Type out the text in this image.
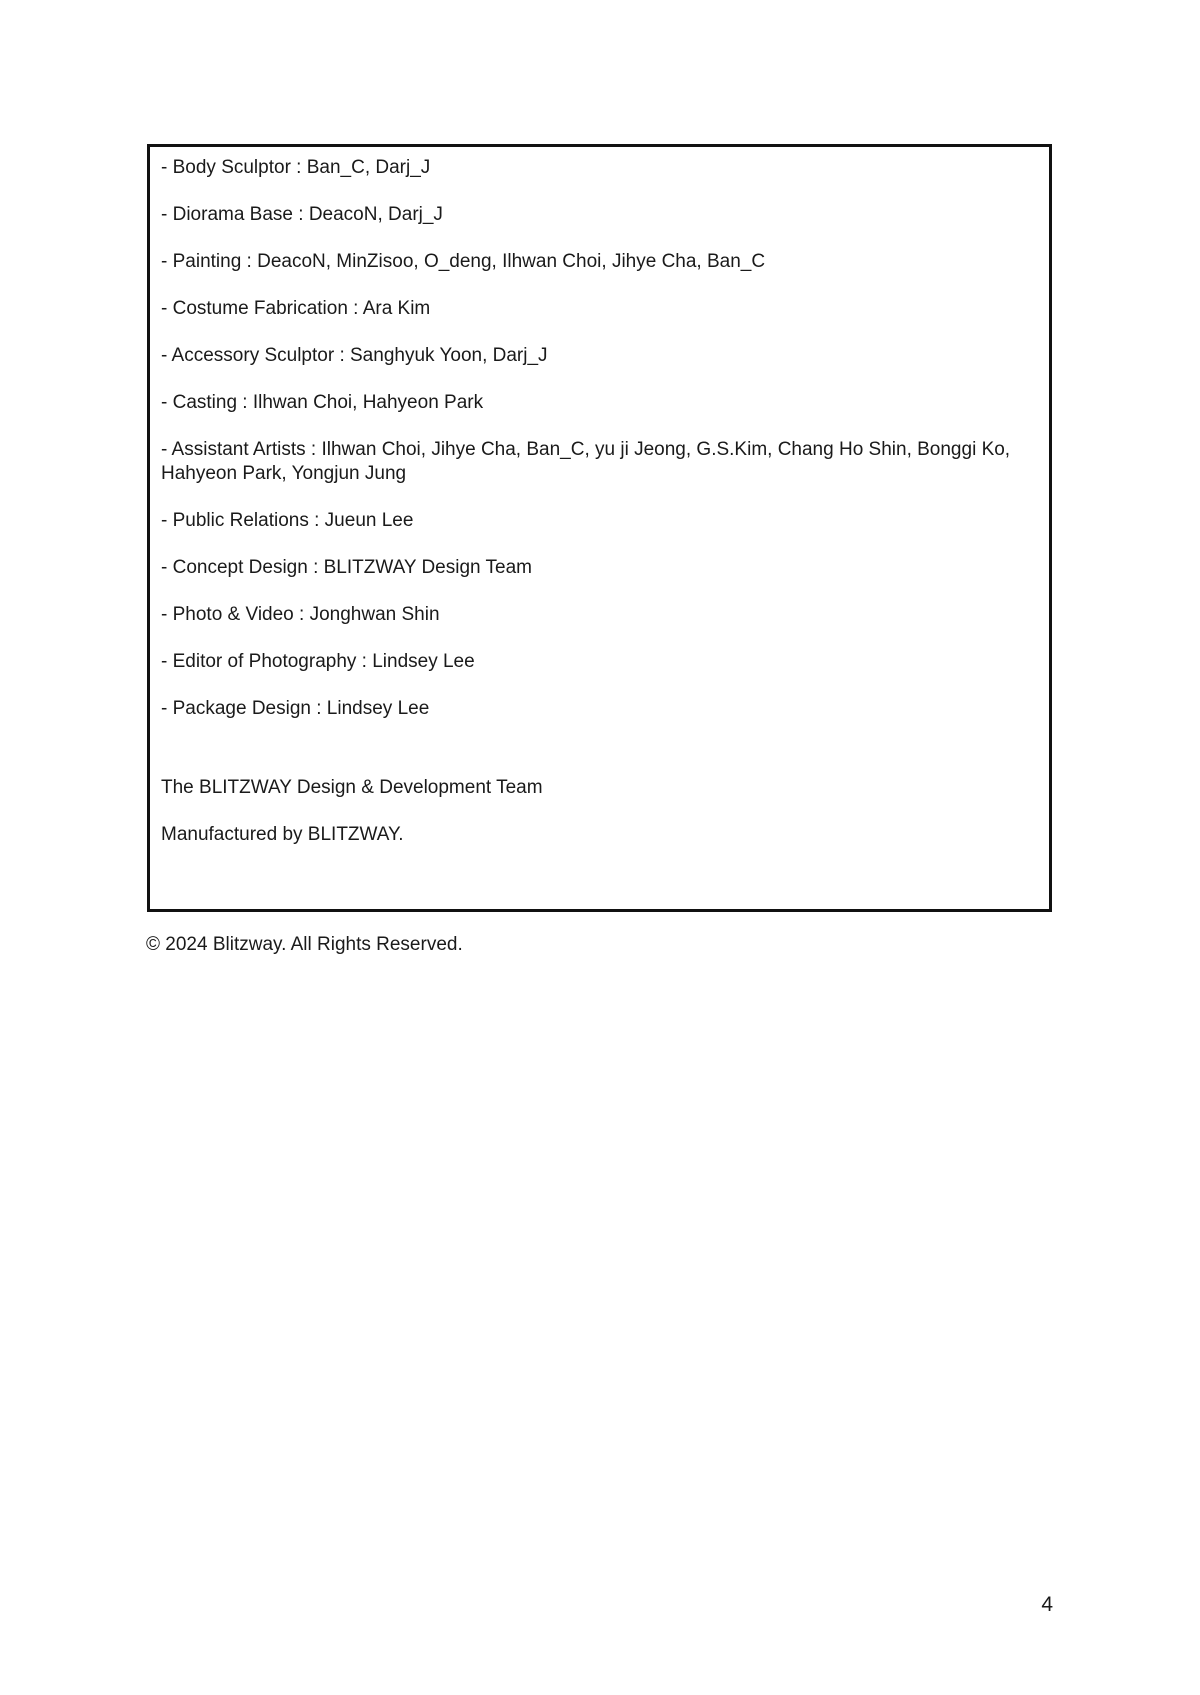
- Body Sculptor : Ban_C, Darj_J

- Diorama Base : DeacoN, Darj_J

- Painting : DeacoN, MinZisoo, O_deng, Ilhwan Choi, Jihye Cha, Ban_C

- Costume Fabrication : Ara Kim

- Accessory Sculptor : Sanghyuk Yoon, Darj_J

- Casting : Ilhwan Choi, Hahyeon Park

- Assistant Artists : Ilhwan Choi, Jihye Cha, Ban_C, yu ji Jeong, G.S.Kim, Chang Ho Shin, Bonggi Ko, Hahyeon Park, Yongjun Jung

- Public Relations : Jueun Lee

- Concept Design : BLITZWAY Design Team

- Photo & Video : Jonghwan Shin

- Editor of Photography : Lindsey Lee

- Package Design : Lindsey Lee

The BLITZWAY Design & Development Team

Manufactured by BLITZWAY.

© 2024 Blitzway. All Rights Reserved.
4
